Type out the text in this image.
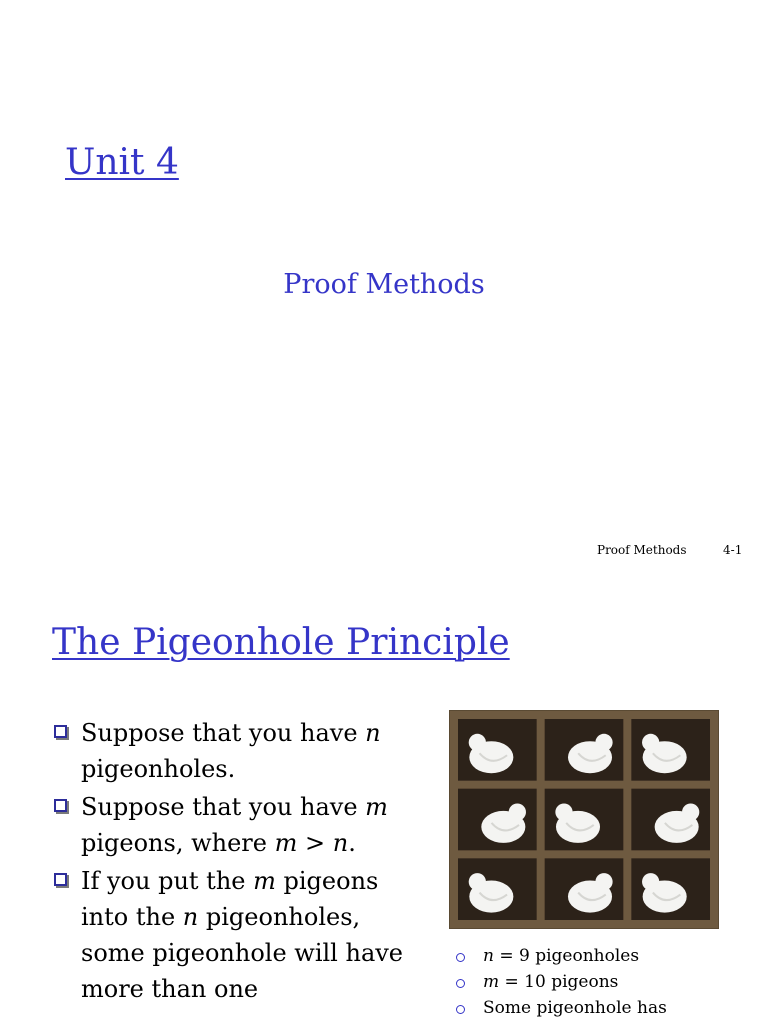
Unit 4
Proof Methods
Proof Methods	4-1
The Pigeonhole Principle
Suppose that you have n pigeonholes.
Suppose that you have m pigeons, where m > n.
If you put the m pigeons into the n pigeonholes, some pigeonhole will have more than one
n = 9 pigeonholes
m = 10 pigeons
Some pigeonhole has
